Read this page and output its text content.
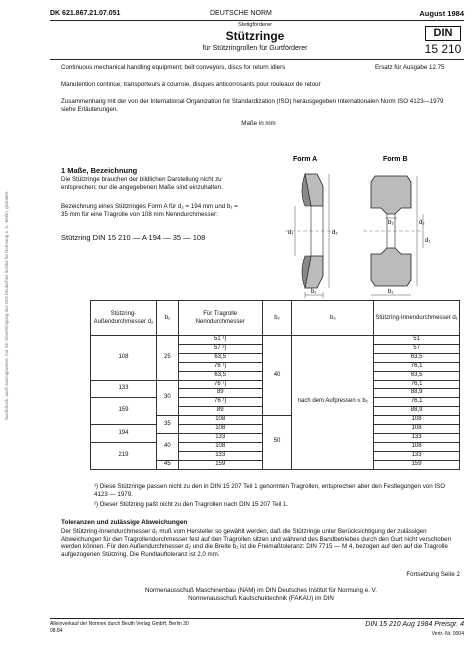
Nachdruck, auch auszugsweise, nur mit Genehmigung des DIN Deutsches Institut für Normung e. V., Berlin, gestattet.
DK 621.867.21.07.051	DEUTSCHE NORM	August 1984
Stetigförderer
Stützringe
für Stützringrollen für Gurtförderer
DIN
15 210
Continuous mechanical handling equipment; belt conveyors, discs for return idlers
Manutention continue; transporteurs à courroie, disques anticorrosants pour rouleaux de retour
Ersatz für Ausgabe 12.75
Zusammenhang mit der von der International Organization for Standardization (ISO) herausgegeben Internationalen Norm ISO 4123—1979 siehe Erläuterungen.
Maße in mm
1 Maße, Bezeichnung
Die Stützringe brauchen der bildlichen Darstellung nicht zu entsprechen; nur die angegebenen Maße sind einzuhalten.
Bezeichnung eines Stützringes Form A für d₂ = 194 mm und b₁ = 35 mm für eine Tragrolle von 108 mm Nenndurchmesser:
Stützring DIN 15 210 — A 194 — 35 — 108
Form A	Form B
d₂
d₁
b₁
b₂	d₂
d₁
b₁
Stützring-Außendurchmesser d₂	b₁	Für Tragrolle Nenndurchmesser	b₂	b₃	Stützring-Innendurchmesser d₁
108	25	51 ¹)	40	nach dem Aufpressen ≤ b₂	51
		57 ²)			57
		63,5			63,5
		76 ¹)			76,1
		63,5			63,5
133	30	76 ¹)			76,1
		89			88,9
159		76 ¹)			76,1
		89			88,9
	35	108	50		108
194		108			108
	40	133			133
219		108			108
		133			133
	45	159			159
¹) Diese Stützringe passen nicht zu den in DIN 15 207 Teil 1 genormten Tragrollen, entsprechen aber den Festlegungen von ISO 4123 — 1979.
²) Dieser Stützring paßt nicht zu den Tragrollen nach DIN 15 207 Teil 1.
Toleranzen und zulässige Abweichungen
Der Stützring-Innendurchmesser d₁ muß vom Hersteller so gewählt werden, daß die Stützringe unter Berücksichtigung der zulässigen Abweichungen für den Tragrollendurchmesser fest auf den Tragrollen sitzen und während des Bandbetriebes durch den Gurt nicht verschoben werden können. Für den Außendurchmesser d₂ und die Breite b₁ ist die Freimaßtoleranz: DIN 7715 — M 4, bezogen auf den auf die Tragrolle aufgezogenen Stützring. Die Rundlauftoleranz ist 2,0 mm.
Fortsetzung Seite 2
Normenausschuß Maschinenbau (NAM) im DIN Deutsches Institut für Normung e. V.
Normenausschuß Kautschuktechnik (FAKAU) im DIN
Alleinverkauf der Normen durch Beuth Verlag GmbH, Berlin 30
08.84
DIN 15 210 Aug 1984 Preisgr. 4
Vertr.-Nr. 0004
